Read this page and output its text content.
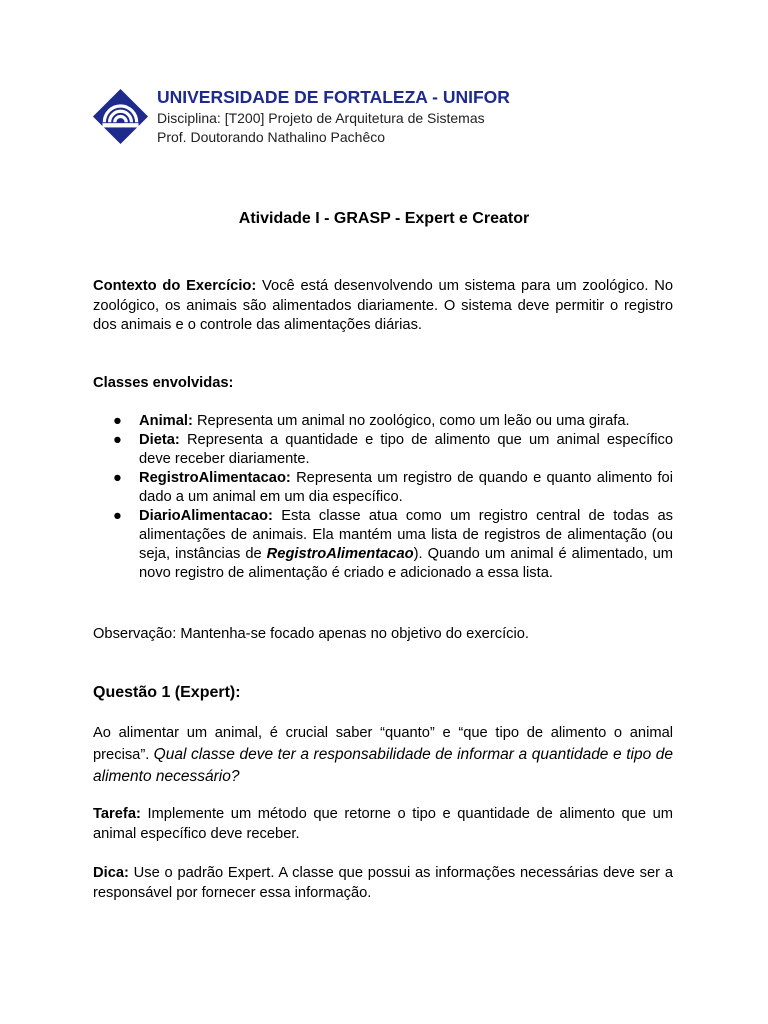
UNIVERSIDADE DE FORTALEZA - UNIFOR
Disciplina: [T200] Projeto de Arquitetura de Sistemas
Prof. Doutorando Nathalino Pachêco
Atividade I - GRASP - Expert e Creator
Contexto do Exercício: Você está desenvolvendo um sistema para um zoológico. No zoológico, os animais são alimentados diariamente. O sistema deve permitir o registro dos animais e o controle das alimentações diárias.
Classes envolvidas:
● Animal: Representa um animal no zoológico, como um leão ou uma girafa.
● Dieta: Representa a quantidade e tipo de alimento que um animal específico deve receber diariamente.
● RegistroAlimentacao: Representa um registro de quando e quanto alimento foi dado a um animal em um dia específico.
● DiarioAlimentacao: Esta classe atua como um registro central de todas as alimentações de animais. Ela mantém uma lista de registros de alimentação (ou seja, instâncias de RegistroAlimentacao). Quando um animal é alimentado, um novo registro de alimentação é criado e adicionado a essa lista.
Observação: Mantenha-se focado apenas no objetivo do exercício.
Questão 1 (Expert):
Ao alimentar um animal, é crucial saber “quanto” e “que tipo de alimento o animal precisa”. Qual classe deve ter a responsabilidade de informar a quantidade e tipo de alimento necessário?
Tarefa: Implemente um método que retorne o tipo e quantidade de alimento que um animal específico deve receber.
Dica: Use o padrão Expert. A classe que possui as informações necessárias deve ser a responsável por fornecer essa informação.
